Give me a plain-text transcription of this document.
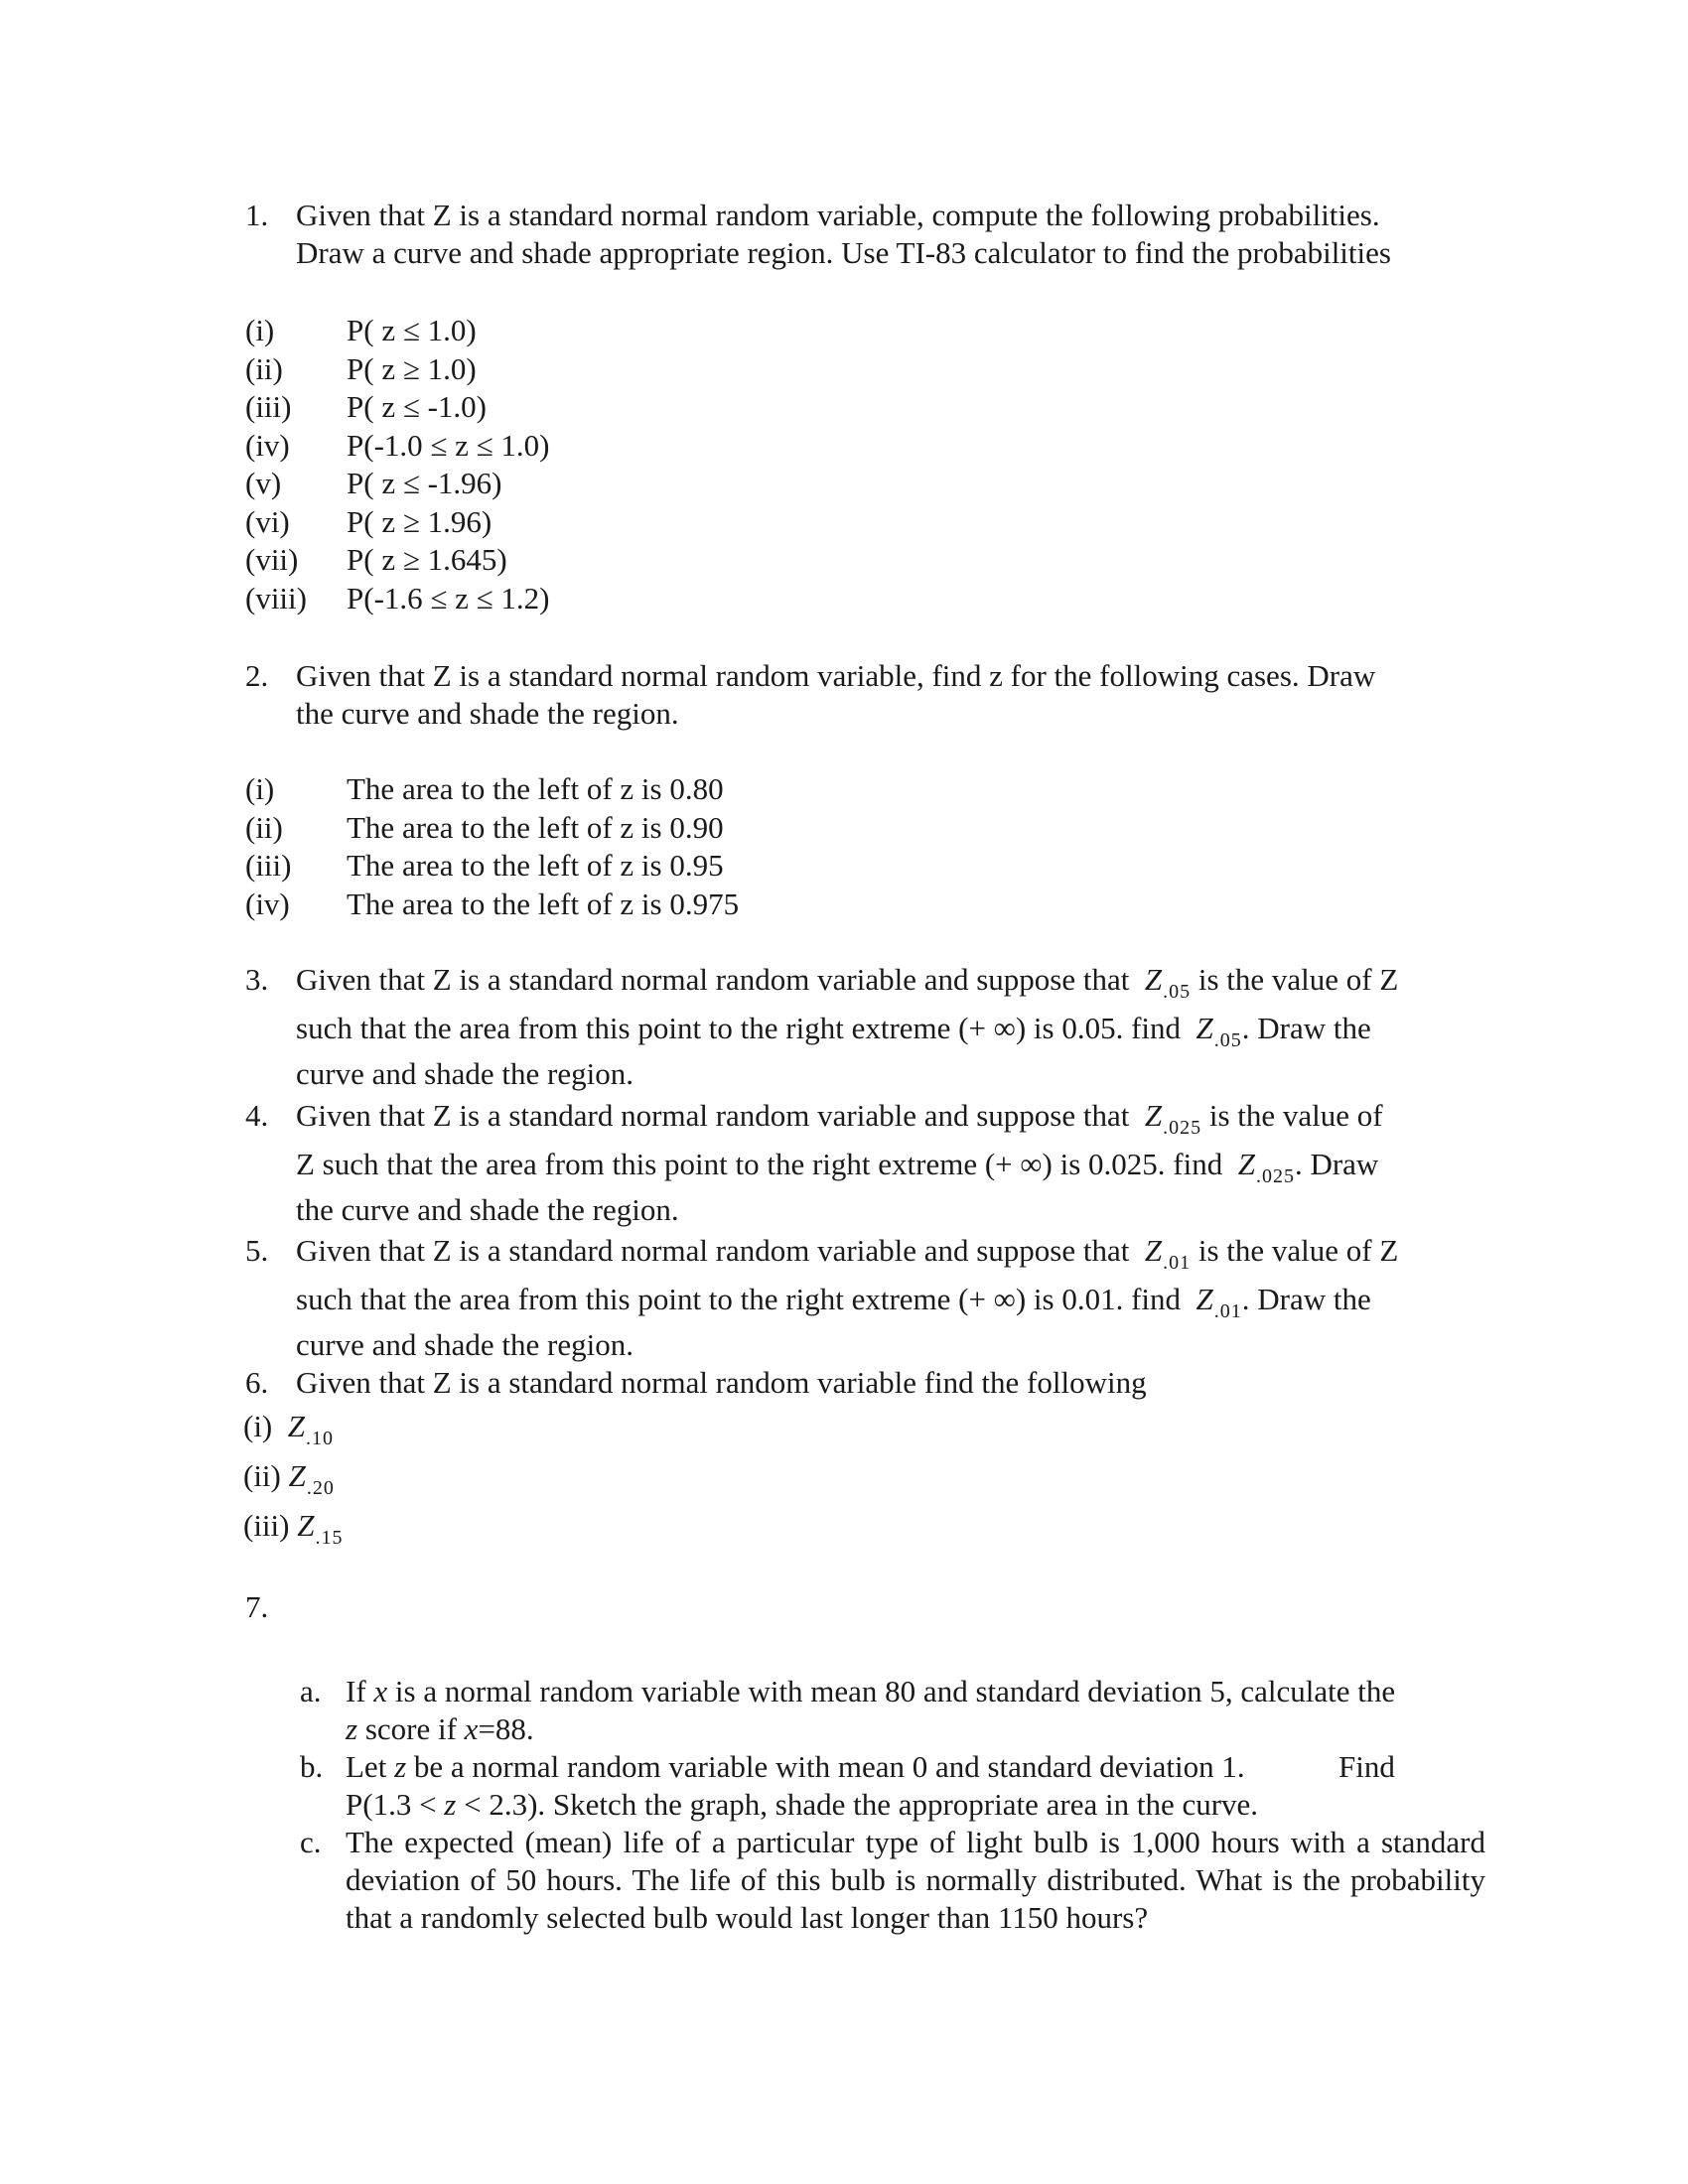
1. Given that Z is a standard normal random variable, compute the following probabilities.
Draw a curve and shade appropriate region. Use TI-83 calculator to find the probabilities
(i) P( z ≤ 1.0)
(ii) P( z ≥ 1.0)
(iii) P( z ≤ -1.0)
(iv) P(-1.0 ≤ z ≤ 1.0)
(v) P( z ≤ -1.96)
(vi) P( z ≥ 1.96)
(vii) P( z ≥ 1.645)
(viii) P(-1.6 ≤ z ≤ 1.2)
2. Given that Z is a standard normal random variable, find z for the following cases. Draw
the curve and shade the region.
(i) The area to the left of z is 0.80
(ii) The area to the left of z is 0.90
(iii) The area to the left of z is 0.95
(iv) The area to the left of z is 0.975
3. Given that Z is a standard normal random variable and suppose that $Z_{.05}$ is the value of Z
such that the area from this point to the right extreme (+ ∞) is 0.05. find $Z_{.05}$. Draw the
curve and shade the region.
4. Given that Z is a standard normal random variable and suppose that $Z_{.025}$ is the value of
Z such that the area from this point to the right extreme (+ ∞) is 0.025. find $Z_{.025}$. Draw
the curve and shade the region.
5. Given that Z is a standard normal random variable and suppose that $Z_{.01}$ is the value of Z
such that the area from this point to the right extreme (+ ∞) is 0.01. find $Z_{.01}$. Draw the
curve and shade the region.
6. Given that Z is a standard normal random variable find the following
(i) $Z_{.10}$
(ii) $Z_{.20}$
(iii) $Z_{.15}$
7.
a. If x is a normal random variable with mean 80 and standard deviation 5, calculate the
z score if x=88.
b. Let z be a normal random variable with mean 0 and standard deviation 1.	Find
P(1.3 < z < 2.3). Sketch the graph, shade the appropriate area in the curve.
c. The expected (mean) life of a particular type of light bulb is 1,000 hours with a standard deviation of 50 hours. The life of this bulb is normally distributed. What is the probability that a randomly selected bulb would last longer than 1150 hours?
